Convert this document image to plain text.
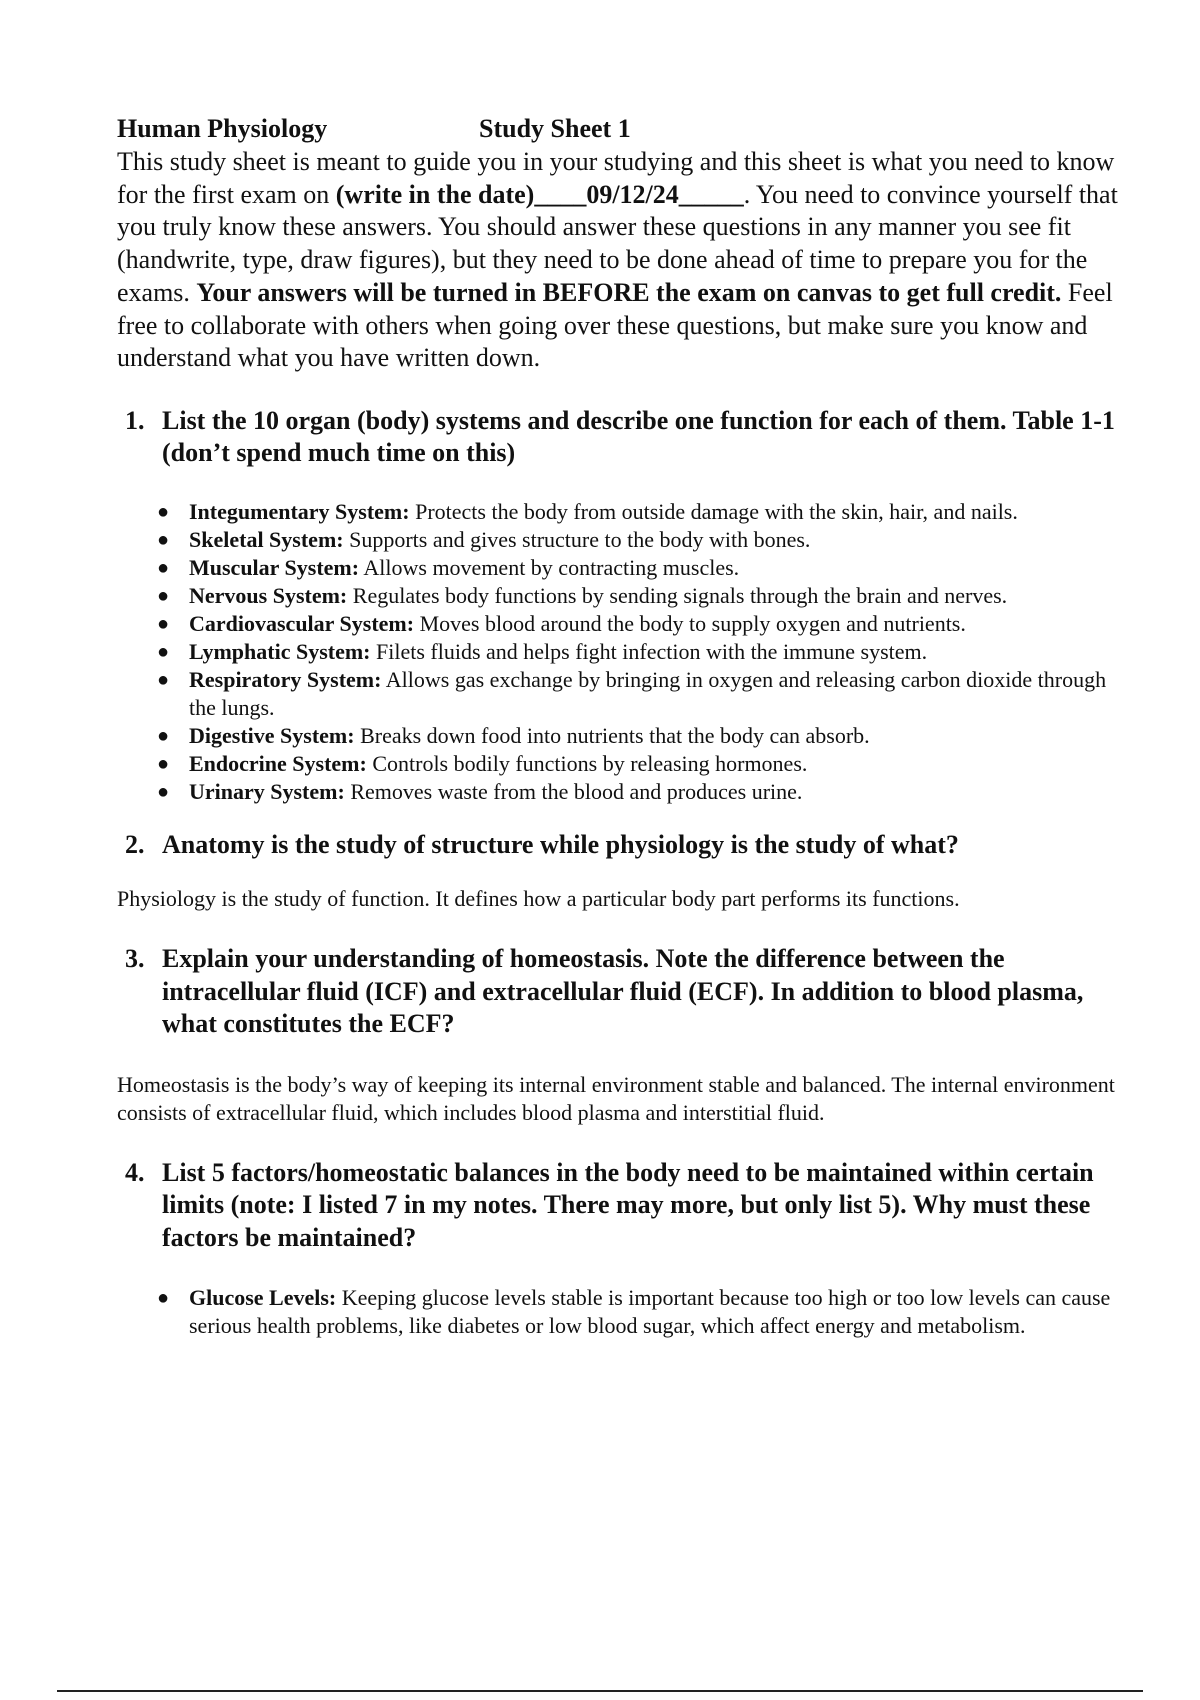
Human Physiology	Study Sheet 1

This study sheet is meant to guide you in your studying and this sheet is what you need to know for the first exam on (write in the date)____09/12/24_____. You need to convince yourself that you truly know these answers. You should answer these questions in any manner you see fit (handwrite, type, draw figures), but they need to be done ahead of time to prepare you for the exams. Your answers will be turned in BEFORE the exam on canvas to get full credit. Feel free to collaborate with others when going over these questions, but make sure you know and understand what you have written down.

1. List the 10 organ (body) systems and describe one function for each of them. Table 1-1 (don’t spend much time on this)
● Integumentary System: Protects the body from outside damage with the skin, hair, and nails.
● Skeletal System: Supports and gives structure to the body with bones.
● Muscular System: Allows movement by contracting muscles.
● Nervous System: Regulates body functions by sending signals through the brain and nerves.
● Cardiovascular System: Moves blood around the body to supply oxygen and nutrients.
● Lymphatic System: Filets fluids and helps fight infection with the immune system.
● Respiratory System: Allows gas exchange by bringing in oxygen and releasing carbon dioxide through the lungs.
● Digestive System: Breaks down food into nutrients that the body can absorb.
● Endocrine System: Controls bodily functions by releasing hormones.
● Urinary System: Removes waste from the blood and produces urine.
2. Anatomy is the study of structure while physiology is the study of what?

Physiology is the study of function. It defines how a particular body part performs its functions.

3. Explain your understanding of homeostasis. Note the difference between the intracellular fluid (ICF) and extracellular fluid (ECF). In addition to blood plasma, what constitutes the ECF?

Homeostasis is the body’s way of keeping its internal environment stable and balanced. The internal environment consists of extracellular fluid, which includes blood plasma and interstitial fluid.

4. List 5 factors/homeostatic balances in the body need to be maintained within certain limits (note: I listed 7 in my notes. There may more, but only list 5). Why must these factors be maintained?
● Glucose Levels: Keeping glucose levels stable is important because too high or too low levels can cause serious health problems, like diabetes or low blood sugar, which affect energy and metabolism.
